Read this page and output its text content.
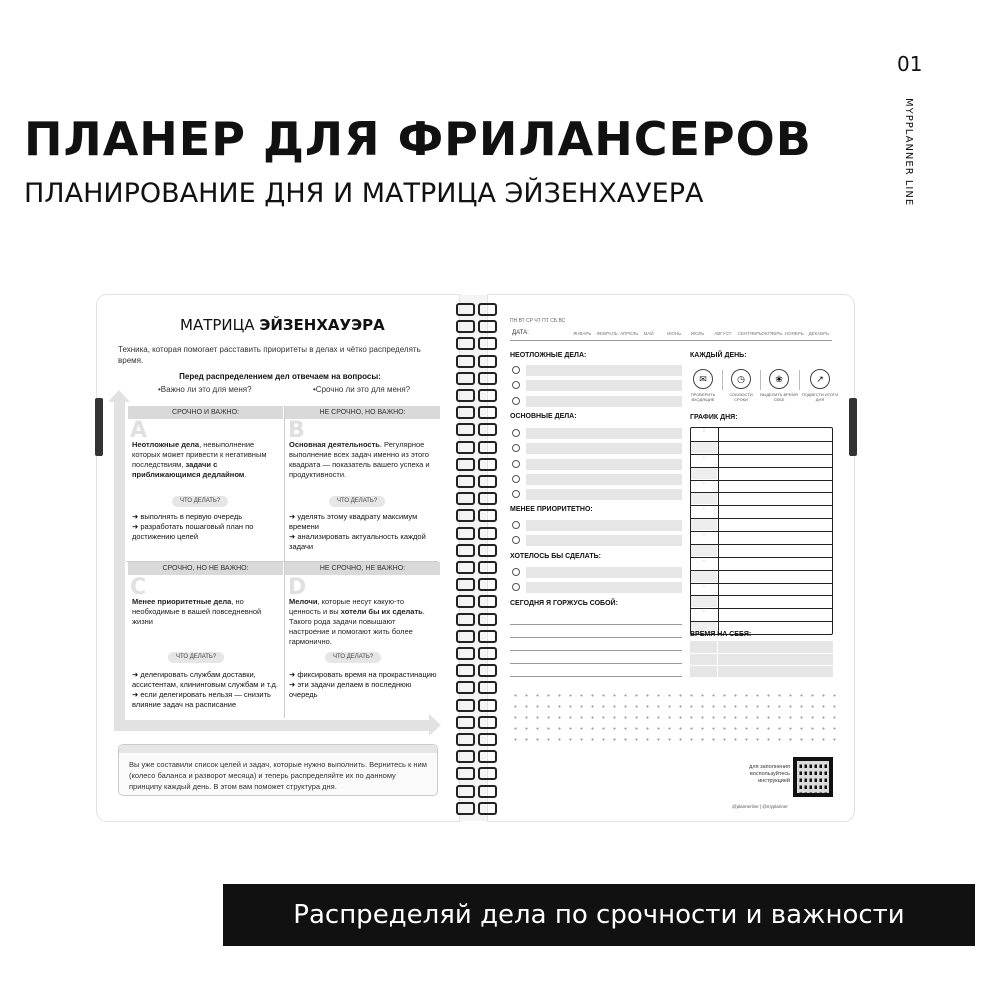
01
MYPPLANNER LINE
ПЛАНЕР ДЛЯ ФРИЛАНСЕРОВ
ПЛАНИРОВАНИЕ ДНЯ И МАТРИЦА ЭЙЗЕНХАУЕРА
МАТРИЦА ЭЙЗЕНХАУЭРА
Техника, которая помогает расставить приоритеты в делах и чётко распределять время.
Перед распределением дел отвечаем на вопросы:
•Важно ли это для меня?	•Срочно ли это для меня?
СРОЧНО И ВАЖНО:
A
Неотложные дела, невыполнение которых может привести к негативным последствиям, задачи с приближающимся дедлайном.
ЧТО ДЕЛАТЬ?
➜ выполнять в первую очередь
➜ разработать пошаговый план по достижению целей
НЕ СРОЧНО, НО ВАЖНО:
B
Основная деятельность. Регулярное выполнение всех задач именно из этого квадрата — показатель вашего успеха и продуктивности.
ЧТО ДЕЛАТЬ?
➜ уделять этому квадрату максимум времени
➜ анализировать актуальность каждой задачи
СРОЧНО, НО НЕ ВАЖНО:
C
Менее приоритетные дела, но необходимые в вашей повседневной жизни
ЧТО ДЕЛАТЬ?
➜ делегировать службам доставки, ассистентам, клининговым службам и т.д.
➜ если делегировать нельзя — снизить влияние задач на расписание
НЕ СРОЧНО, НЕ ВАЖНО:
D
Мелочи, которые несут какую-то ценность и вы хотели бы их сделать. Такого рода задачи повышают настроение и помогают жить более гармонично.
ЧТО ДЕЛАТЬ?
➜ фиксировать время на прокрастинацию
➜ эти задачи делаем в последнюю очередь
Вы уже составили список целей и задач, которые нужно выполнить. Вернитесь к ним (колесо баланса и разворот месяца) и теперь распределяйте их по данному принципу каждый день. В этом вам поможет структура дня.
ПН ВТ СР ЧТ ПТ СБ ВС
ДАТА:	ЯНВАРЬ ФЕВРАЛЬ АПРЕЛЬ МАЙ	ИЮНЬ ИЮЛЬ АВГУСТ СЕНТЯБРЬ ОКТЯБРЬ НОЯБРЬ ДЕКАБРЬ
НЕОТЛОЖНЫЕ ДЕЛА:
ОСНОВНЫЕ ДЕЛА:
МЕНЕЕ ПРИОРИТЕТНО:
ХОТЕЛОСЬ БЫ СДЕЛАТЬ:
СЕГОДНЯ Я ГОРЖУСЬ СОБОЙ:
КАЖДЫЙ ДЕНЬ:
✉	◷	❀	↗
ПРОВЕРИТЬ ВХОДЯЩИЕ
СОБЛЮСТИ СРОКИ
ВЫДЕЛИТЬ ВРЕМЯ СЕБЕ
ПОДВЕСТИ ИТОГИ ДНЯ
ГРАФИК ДНЯ:
:
:
:
:
:
:
:
:
ВРЕМЯ НА СЕБЯ:
для заполнения воспользуйтесь инструкцией
@plannerline | @myplanner
Распределяй дела по срочности и важности
